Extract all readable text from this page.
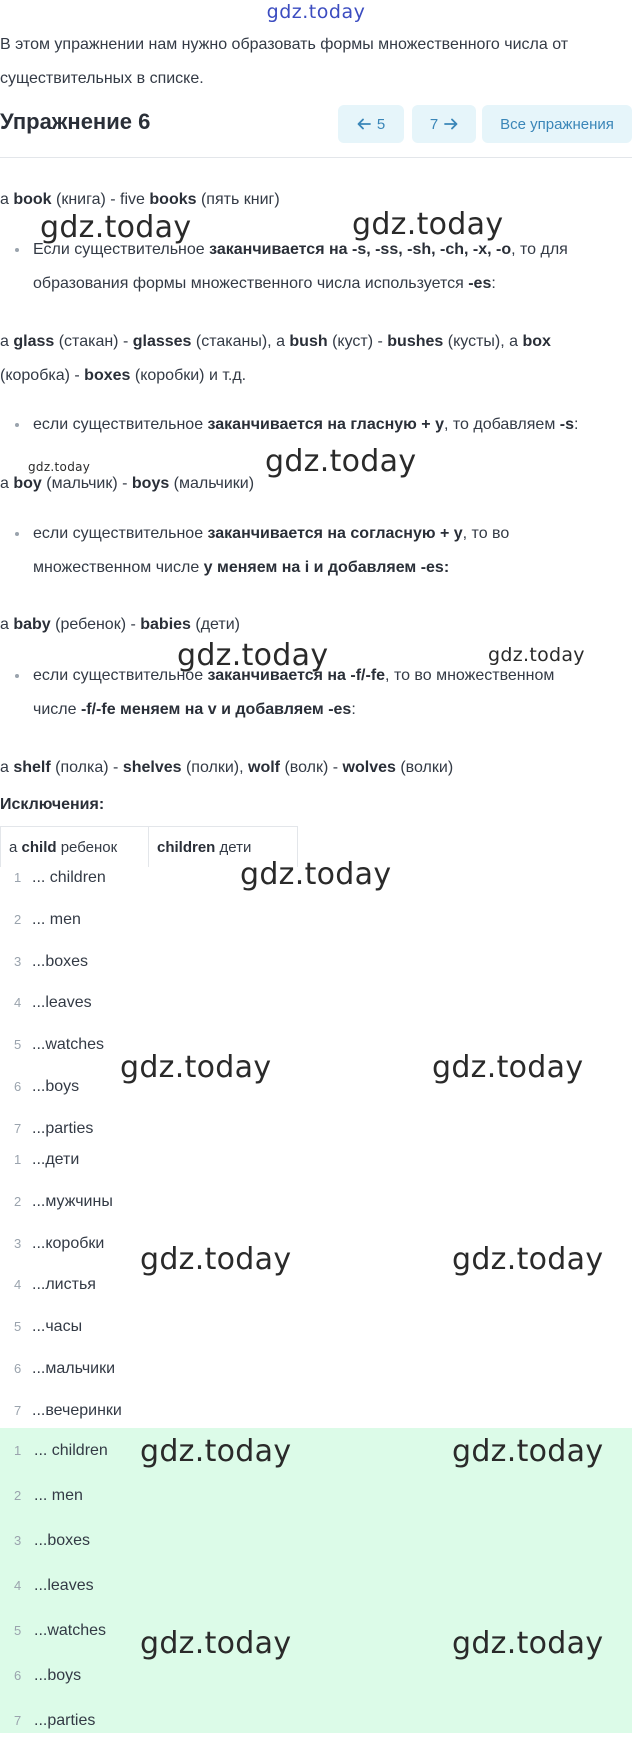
gdz.today

В этом упражнении нам нужно образовать формы множественного числа от существительных в списке.

Упражнение 6	5	7	Все упражнения

a book (книга) - five books (пять книг)

Если существительное заканчивается на -s, -ss, -sh, -ch, -x, -o, то для образования формы множественного числа используется -es:

a glass (стакан) - glasses (стаканы), a bush (куст) - bushes (кусты), a box (коробка) - boxes (коробки) и т.д.

если существительное заканчивается на гласную + y, то добавляем -s:

a boy (мальчик) - boys (мальчики)

если существительное заканчивается на согласную + y, то во множественном числе y меняем на i и добавляем -es:

a baby (ребенок) - babies (дети)

если существительное заканчивается на -f/-fe, то во множественном числе -f/-fe меняем на v и добавляем -es:

a shelf (полка) - shelves (полки), wolf (волк) - wolves (волки)

Исключения:
a child ребенок	children дети
1 ... children
2 ... men
3 ...boxes
4 ...leaves
5 ...watches
6 ...boys
7 ...parties
1 ...дети
2 ...мужчины
3 ...коробки
4 ...листья
5 ...часы
6 ...мальчики
7 ...вечеринки
1 ... children
2 ... men
3 ...boxes
4 ...leaves
5 ...watches
6 ...boys
7 ...parties
gdz.today	gdz.today
gdz.today	gdz.today
gdz.today	gdz.today
gdz.today
gdz.today	gdz.today
gdz.today	gdz.today
gdz.today	gdz.today
gdz.today	gdz.today
